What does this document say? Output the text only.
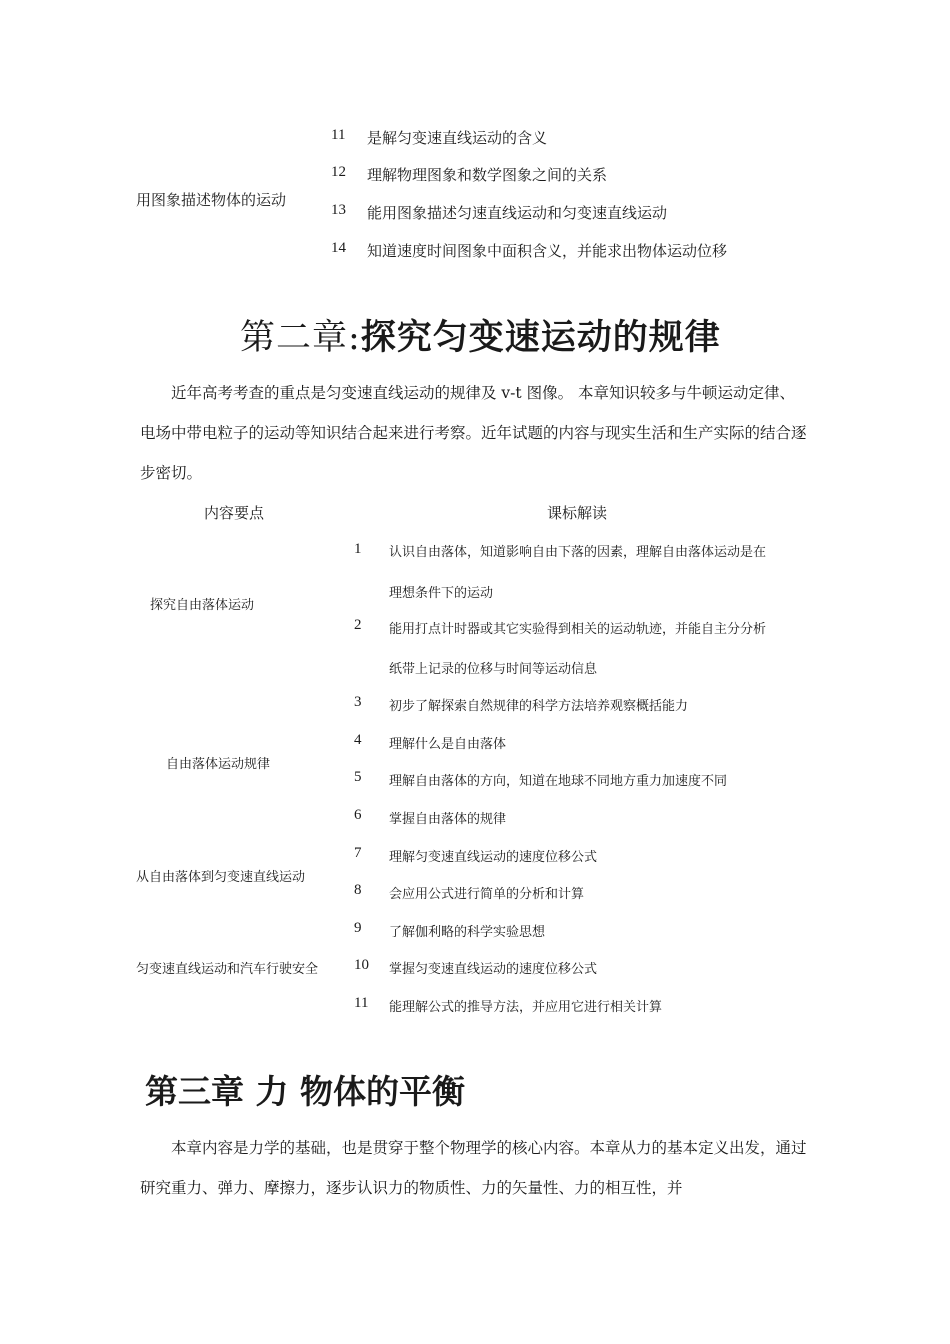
用图象描述物体的运动
11 是解匀变速直线运动的含义
12 理解物理图象和数学图象之间的关系
13 能用图象描述匀速直线运动和匀变速直线运动
14 知道速度时间图象中面积含义，并能求出物体运动位移
第二章:探究匀变速运动的规律
近年高考考查的重点是匀变速直线运动的规律及 v-t 图像。 本章知识较多与牛顿运动定律、电场中带电粒子的运动等知识结合起来进行考察。近年试题的内容与现实生活和生产实际的结合逐步密切。
内容要点	课标解读
探究自由落体运动
自由落体运动规律
从自由落体到匀变速直线运动
匀变速直线运动和汽车行驶安全
1 认识自由落体，知道影响自由下落的因素，理解自由落体运动是在
理想条件下的运动
2 能用打点计时器或其它实验得到相关的运动轨迹，并能自主分分析
纸带上记录的位移与时间等运动信息
3 初步了解探索自然规律的科学方法培养观察概括能力
4 理解什么是自由落体
5 理解自由落体的方向，知道在地球不同地方重力加速度不同
6 掌握自由落体的规律
7 理解匀变速直线运动的速度位移公式
8 会应用公式进行简单的分析和计算
9 了解伽利略的科学实验思想
10 掌握匀变速直线运动的速度位移公式
11 能理解公式的推导方法，并应用它进行相关计算
第三章 力 物体的平衡
本章内容是力学的基础，也是贯穿于整个物理学的核心内容。本章从力的基本定义出发，通过研究重力、弹力、摩擦力，逐步认识力的物质性、力的矢量性、力的相互性，并
